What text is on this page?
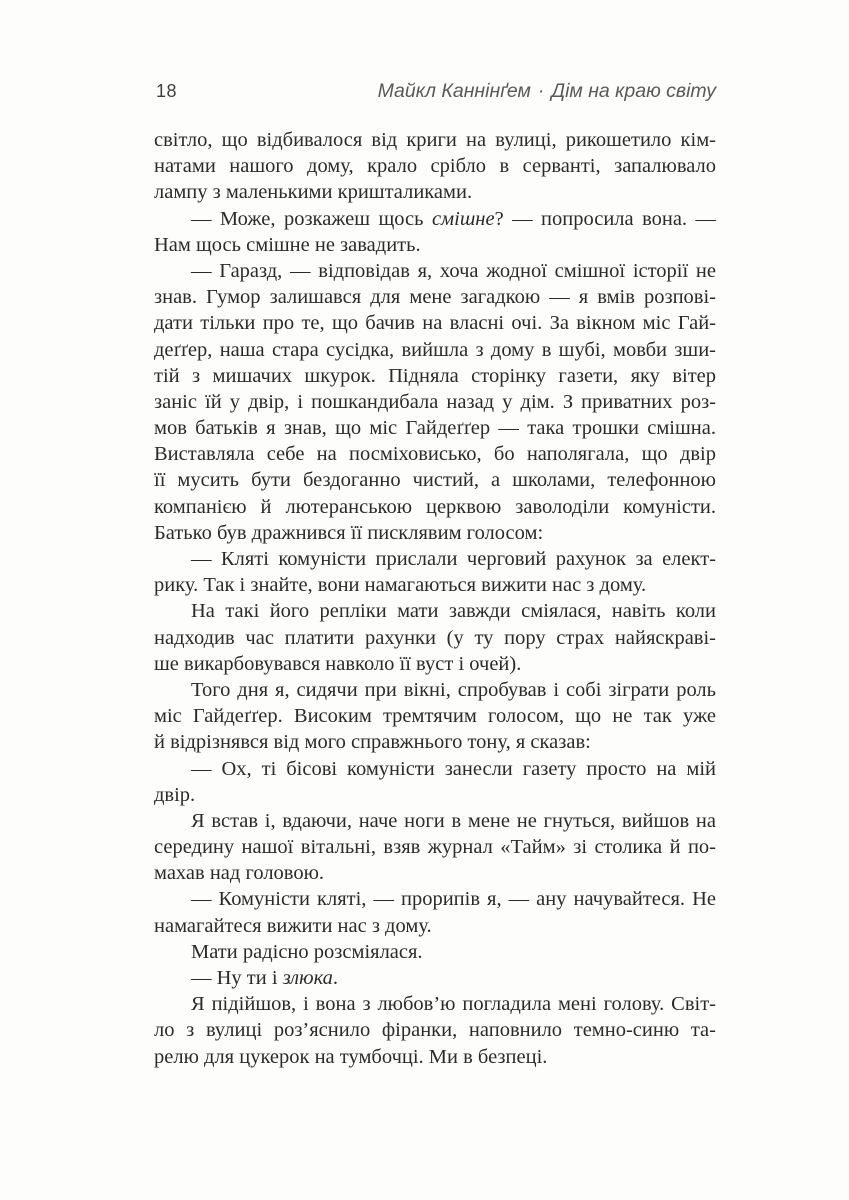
18	Майкл Каннінґем · Дім на краю світу
світло, що відбивалося від криги на вулиці, рикошетило кім-
натами нашого дому, крало срібло в серванті, запалювало
лампу з маленькими кришталиками.
— Може, розкажеш щось смішне? — попросила вона. —
Нам щось смішне не завадить.
— Гаразд, — відповідав я, хоча жодної смішної історії не
знав. Гумор залишався для мене загадкою — я вмів розпові-
дати тільки про те, що бачив на власні очі. За вікном міс Гай-
деґґер, наша стара сусідка, вийшла з дому в шубі, мовби зши-
тій з мишачих шкурок. Підняла сторінку газети, яку вітер
заніс їй у двір, і пошкандибала назад у дім. З приватних роз-
мов батьків я знав, що міс Гайдеґґер — така трошки смішна.
Виставляла себе на посміховисько, бо наполягала, що двір
її мусить бути бездоганно чистий, а школами, телефонною
компанією й лютеранською церквою заволоділи комуністи.
Батько був дражнився її писклявим голосом:
— Кляті комуністи прислали черговий рахунок за елект-
рику. Так і знайте, вони намагаються вижити нас з дому.
На такі його репліки мати завжди сміялася, навіть коли
надходив час платити рахунки (у ту пору страх найяскраві-
ше викарбовувався навколо її вуст і очей).
Того дня я, сидячи при вікні, спробував і собі зіграти роль
міс Гайдеґґер. Високим тремтячим голосом, що не так уже
й відрізнявся від мого справжнього тону, я сказав:
— Ох, ті бісові комуністи занесли газету просто на мій
двір.
Я встав і, вдаючи, наче ноги в мене не гнуться, вийшов на
середину нашої вітальні, взяв журнал «Тайм» зі столика й по-
махав над головою.
— Комуністи кляті, — прорипів я, — ану начувайтеся. Не
намагайтеся вижити нас з дому.
Мати радісно розсміялася.
— Ну ти і злюка.
Я підійшов, і вона з любов’ю погладила мені голову. Світ-
ло з вулиці роз’яснило фіранки, наповнило темно-синю та-
релю для цукерок на тумбочці. Ми в безпеці.
